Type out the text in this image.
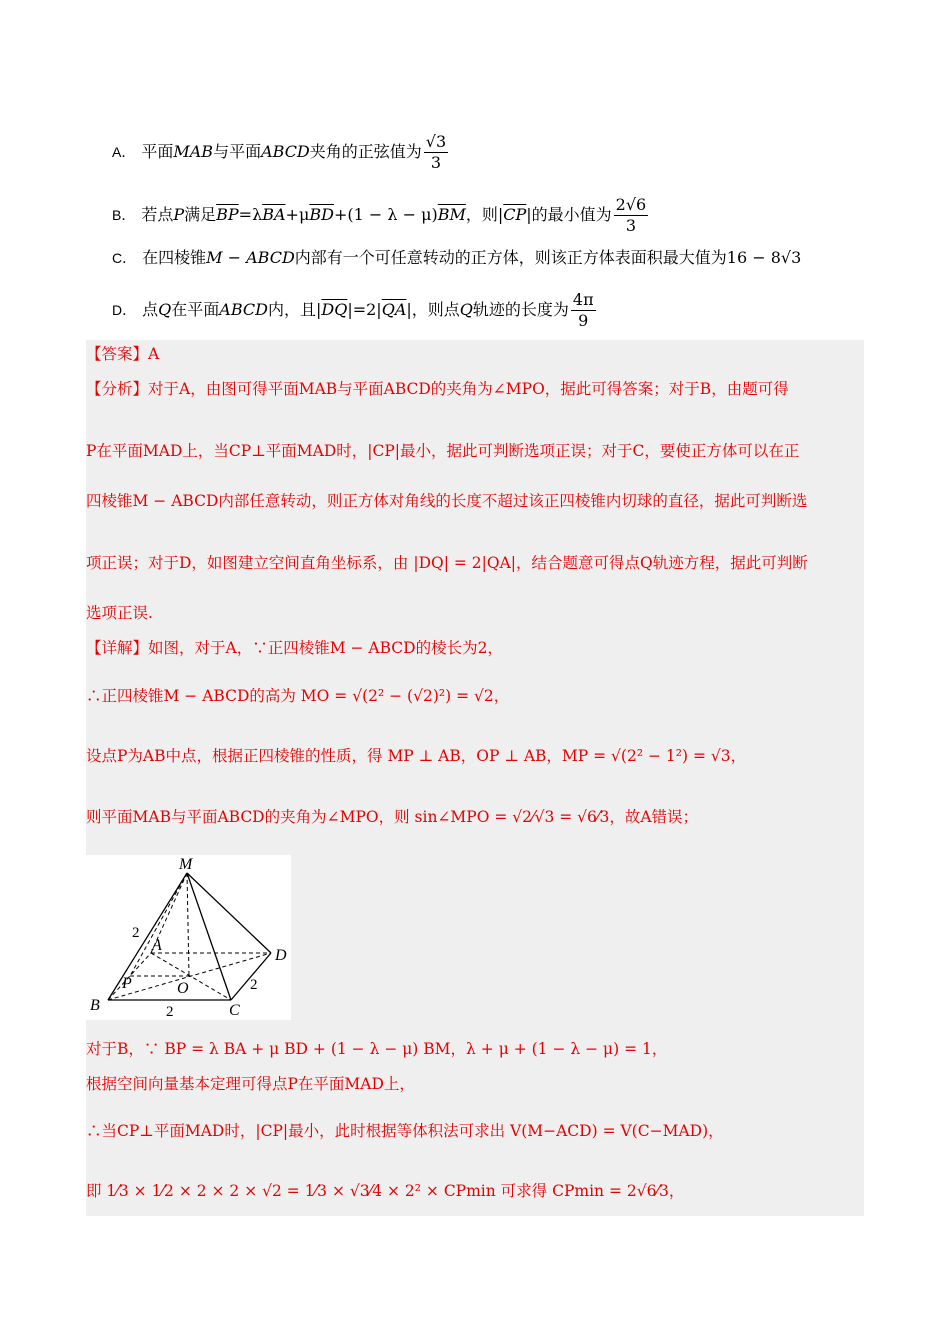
A． 平面MAB与平面ABCD夹角的正弦值为 $\frac{√3}{3}$
B． 若点P满足$\overline{BP}=\lambda\overline{BA}+\mu\overline{BD}+(1 - \lambda - \mu)\overline{BM}$，则$|\overline{CP}|$的最小值为 $\frac{2√6}{3}$
C． 在四棱锥M − ABCD内部有一个可任意转动的正方体，则该正方体表面积最大值为16 − 8√3
D． 点Q在平面ABCD内，且$|\overline{DQ}|=2|\overline{QA}|$，则点Q轨迹的长度为 $\frac{4\pi}{9}$
【答案】A
【分析】对于A，由图可得平面MAB与平面ABCD的夹角为∠MPO，据此可得答案；对于B，由题可得
P在平面MAD上，当CP⊥平面MAD时，|CP|最小，据此可判断选项正误；对于C，要使正方体可以在正
四棱锥M − ABCD内部任意转动，则正方体对角线的长度不超过该正四棱锥内切球的直径，据此可判断选
项正误；对于D，如图建立空间直角坐标系，由 |DQ| = 2|QA|，结合题意可得点Q轨迹方程，据此可判断
选项正误.
【详解】如图，对于A，∵正四棱锥M − ABCD的棱长为2，
∴正四棱锥M − ABCD的高为 MO = √(2² − (√2)²) = √2，
设点P为AB中点，根据正四棱锥的性质，得 MP ⊥ AB，OP ⊥ AB，MP = √(2² − 1²) = √3，
则平面MAB与平面ABCD的夹角为∠MPO，则 sin∠MPO = √2⁄√3 = √6⁄3，故A错误；
M
A
B	C
D
O
P
2
2
2
对于B，∵ BP = λ BA + μ BD + (1 − λ − μ) BM，λ + μ + (1 − λ − μ) = 1，
根据空间向量基本定理可得点P在平面MAD上，
∴当CP⊥平面MAD时，|CP|最小，此时根据等体积法可求出 V(M−ACD) = V(C−MAD)，
即 1⁄3 × 1⁄2 × 2 × 2 × √2 = 1⁄3 × √3⁄4 × 2² × CPmin 可求得 CPmin = 2√6⁄3，
